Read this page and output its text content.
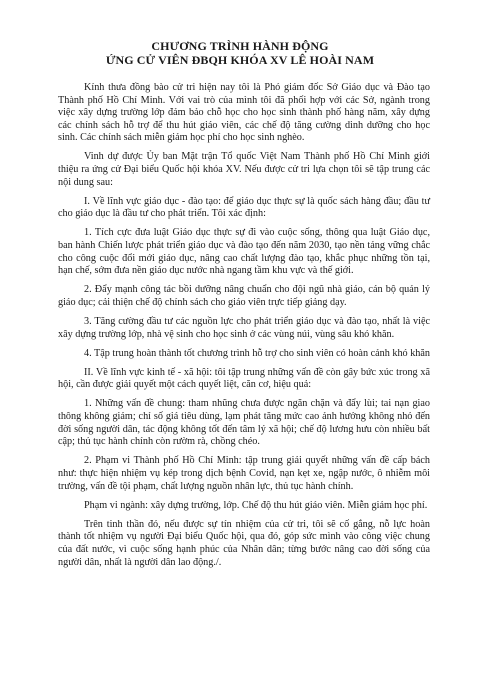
CHƯƠNG TRÌNH HÀNH ĐỘNG
ỨNG CỬ VIÊN ĐBQH KHÓA XV LÊ HOÀI NAM

Kính thưa đồng bào cử tri hiện nay tôi là Phó giám đốc Sở Giáo dục và Đào tạo Thành phố Hồ Chí Minh. Với vai trò của mình tôi đã phối hợp với các Sở, ngành trong việc xây dựng trường lớp đảm bảo chỗ học cho học sinh thành phố hàng năm, xây dựng các chính sách hỗ trợ để thu hút giáo viên, các chế độ tăng cường dinh dưỡng cho học sinh. Các chính sách miễn giảm học phí cho học sinh nghèo.

Vinh dự được Ủy ban Mặt trận Tổ quốc Việt Nam Thành phố Hồ Chí Minh giới thiệu ra ứng cử Đại biểu Quốc hội khóa XV. Nếu được cử tri lựa chọn tôi sẽ tập trung các nội dung sau:

I. Về lĩnh vực giáo dục - đào tạo: để giáo dục thực sự là quốc sách hàng đầu; đầu tư cho giáo dục là đầu tư cho phát triển. Tôi xác định:

1. Tích cực đưa luật Giáo dục thực sự đi vào cuộc sống, thông qua luật Giáo dục, ban hành Chiến lược phát triển giáo dục và đào tạo đến năm 2030, tạo nền tảng vững chắc cho công cuộc đổi mới giáo dục, nâng cao chất lượng đào tạo, khắc phục những tồn tại, hạn chế, sớm đưa nền giáo dục nước nhà ngang tầm khu vực và thế giới.

2. Đẩy mạnh công tác bồi dưỡng nâng chuẩn cho đội ngũ nhà giáo, cán bộ quản lý giáo dục; cải thiện chế độ chính sách cho giáo viên trực tiếp giảng dạy.

3. Tăng cường đầu tư các nguồn lực cho phát triển giáo dục và đào tạo, nhất là việc xây dựng trường lớp, nhà vệ sinh cho học sinh ở các vùng núi, vùng sâu khó khăn.

4. Tập trung hoàn thành tốt chương trình hỗ trợ cho sinh viên có hoàn cảnh khó khăn

II. Về lĩnh vực kinh tế - xã hội: tôi tập trung những vấn đề còn gây bức xúc trong xã hội, cần được giải quyết một cách quyết liệt, căn cơ, hiệu quả:

1. Những vấn đề chung: tham nhũng chưa được ngăn chặn và đẩy lùi; tai nạn giao thông không giảm; chỉ số giá tiêu dùng, lạm phát tăng mức cao ảnh hưởng không nhỏ đến đời sống người dân, tác động không tốt đến tâm lý xã hội; chế độ lương hưu còn nhiều bất cập; thủ tục hành chính còn rườm rà, chồng chéo.

2. Phạm vi Thành phố Hồ Chí Minh: tập trung giải quyết những vấn đề cấp bách như: thực hiện nhiệm vụ kép trong dịch bệnh Covid, nạn kẹt xe, ngập nước, ô nhiễm môi trường, vấn đề tội phạm, chất lượng nguồn nhân lực, thủ tục hành chính.

Phạm vi ngành: xây dựng trường, lớp. Chế độ thu hút giáo viên. Miễn giảm học phí.

Trên tinh thần đó, nếu được sự tín nhiệm của cử tri, tôi sẽ cố gắng, nỗ lực hoàn thành tốt nhiệm vụ người Đại biểu Quốc hội, qua đó, góp sức mình vào công việc chung của đất nước, vì cuộc sống hạnh phúc của Nhân dân; từng bước nâng cao đời sống của người dân, nhất là người dân lao động./.
